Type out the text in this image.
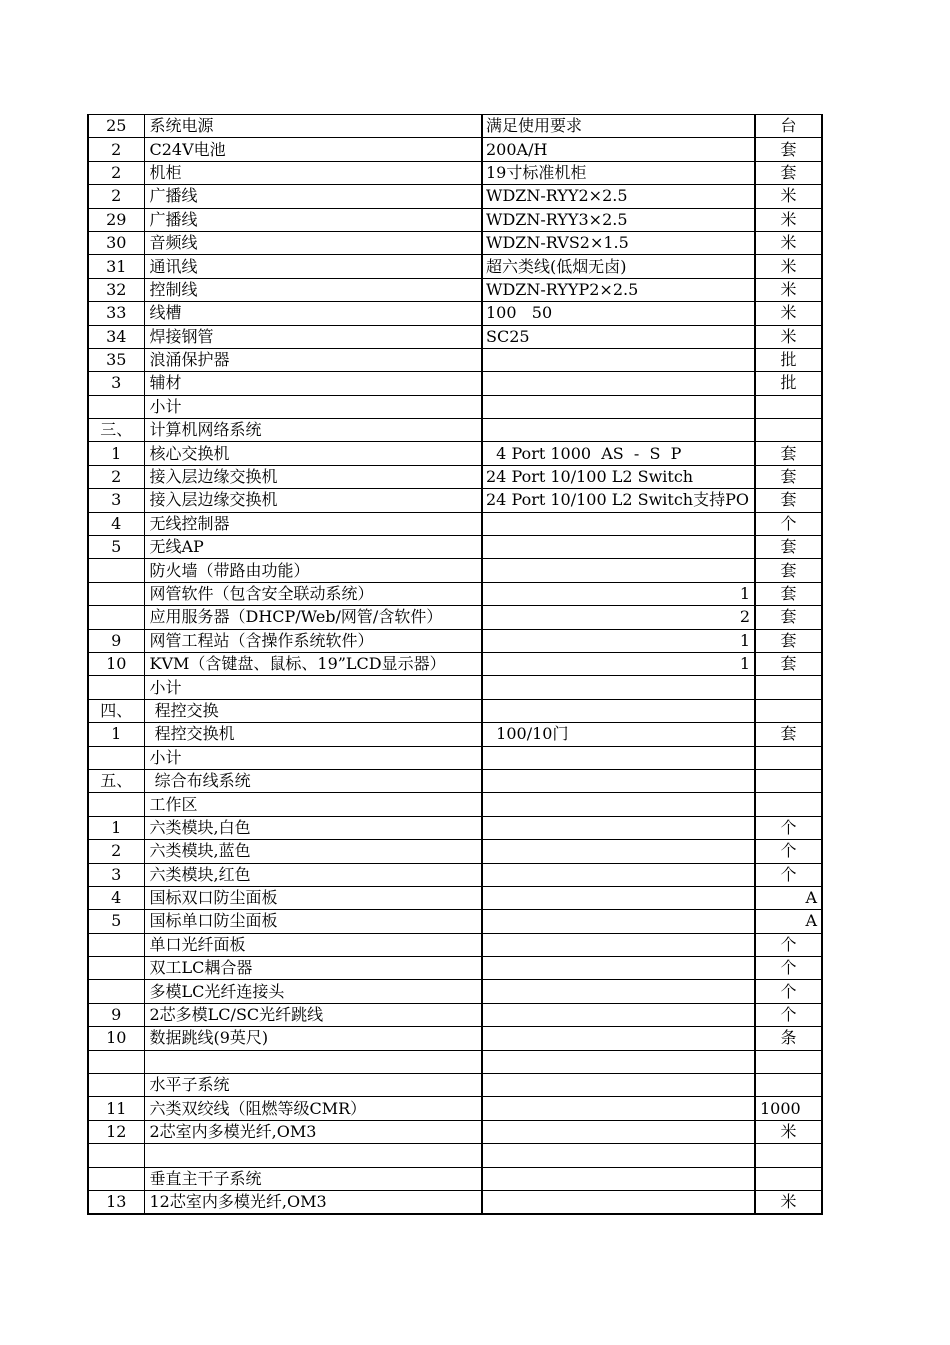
25	系统电源	满足使用要求	台
2	C24V电池	200A/H	套
2	机柜	19寸标准机柜	套
2	广播线	WDZN-RYY2×2.5	米
29	广播线	WDZN-RYY3×2.5	米
30	音频线	WDZN-RVS2×1.5	米
31	通讯线	超六类线(低烟无卤)	米
32	控制线	WDZN-RYYP2×2.5	米
33	线槽	100   50	米
34	焊接钢管	SC25	米
35	浪涌保护器		批
3	辅材		批
	小计		
三、	计算机网络系统		
1	核心交换机	4 Port 1000  AS  -  S  P	套
2	接入层边缘交换机	24 Port 10/100 L2 Switch	套
3	接入层边缘交换机	24 Port 10/100 L2 Switch支持PO	套
4	无线控制器		个
5	无线AP		套
	防火墙（带路由功能）		套
	网管软件（包含安全联动系统）	1	套
	应用服务器（DHCP/Web/网管/含软件）	2	套
9	网管工程站（含操作系统软件）	1	套
10	KVM（含键盘、鼠标、19”LCD显示器）	1	套
	小计		
四、	程控交换		
1	程控交换机	100/10门	套
	小计		
五、	综合布线系统		
	工作区		
1	六类模块,白色		个
2	六类模块,蓝色		个
3	六类模块,红色		个
4	国标双口防尘面板		A
5	国标单口防尘面板		A
	单口光纤面板		个
	双工LC耦合器		个
	多模LC光纤连接头		个
9	2芯多模LC/SC光纤跳线		个
10	数据跳线(9英尺)		条

	水平子系统		
11	六类双绞线（阻燃等级CMR）		1000
12	2芯室内多模光纤,OM3		米

	垂直主干子系统		
13	12芯室内多模光纤,OM3		米
